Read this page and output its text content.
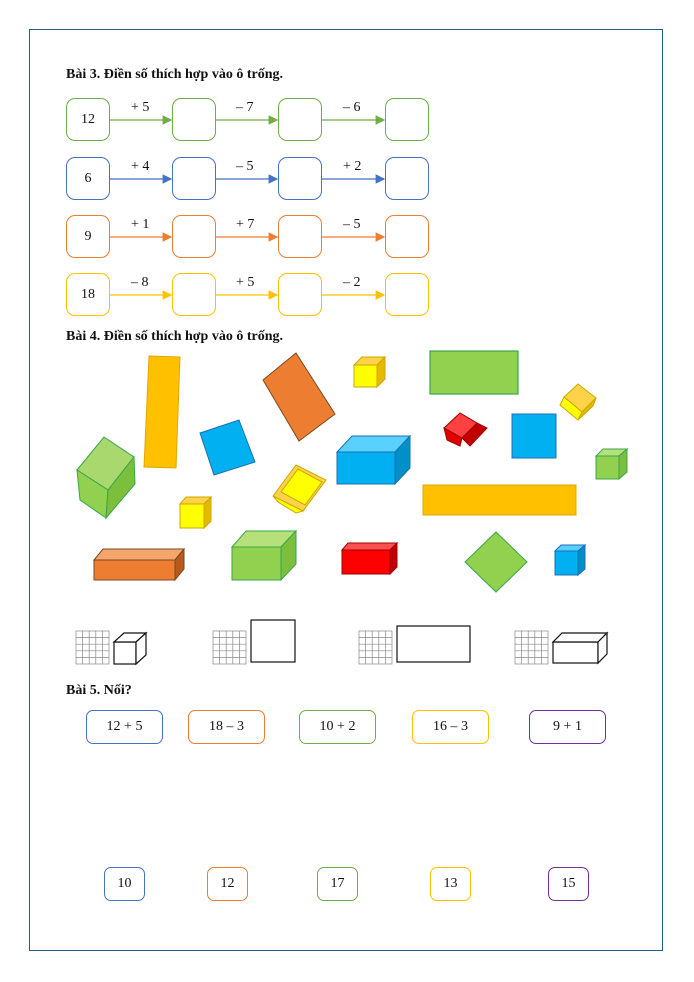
Bài 3. Điền số thích hợp vào ô trống.
12
+ 5	– 7	– 6
6
+ 4	– 5	+ 2
9
+ 1	+ 7	– 5
18
– 8	+ 5	– 2
Bài 4. Điền số thích hợp vào ô trống.
Bài 5. Nối?
12 + 5	18 – 3	10 + 2	16 – 3	9 + 1
10	12	17	13	15
